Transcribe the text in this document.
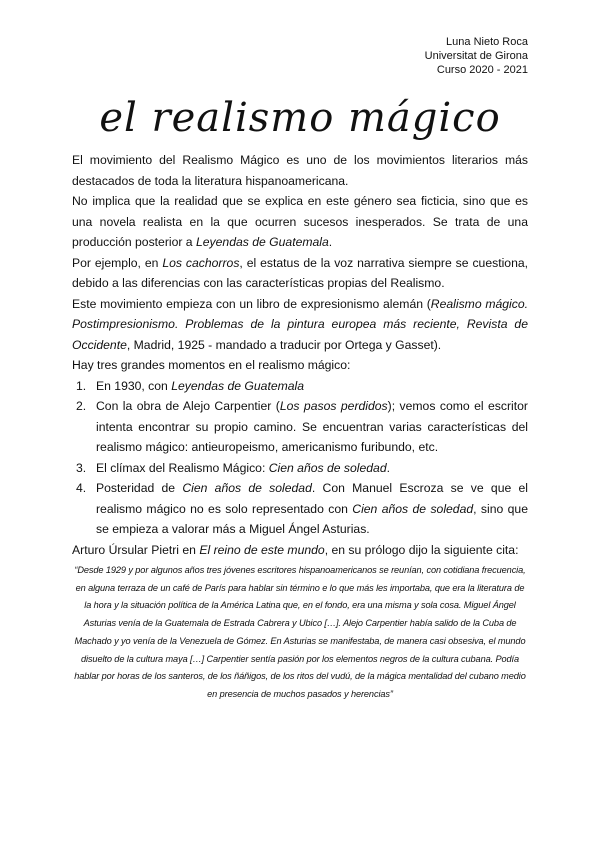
Luna Nieto Roca
Universitat de Girona
Curso 2020 - 2021
el realismo mágico

El movimiento del Realismo Mágico es uno de los movimientos literarios más destacados de toda la literatura hispanoamericana.

No implica que la realidad que se explica en este género sea ficticia, sino que es una novela realista en la que ocurren sucesos inesperados. Se trata de una producción posterior a Leyendas de Guatemala.

Por ejemplo, en Los cachorros, el estatus de la voz narrativa siempre se cuestiona, debido a las diferencias con las características propias del Realismo.

Este movimiento empieza con un libro de expresionismo alemán (Realismo mágico. Postimpresionismo. Problemas de la pintura europea más reciente, Revista de Occidente, Madrid, 1925 - mandado a traducir por Ortega y Gasset).

Hay tres grandes momentos en el realismo mágico:

1. En 1930, con Leyendas de Guatemala
2. Con la obra de Alejo Carpentier (Los pasos perdidos); vemos como el escritor intenta encontrar su propio camino. Se encuentran varias características del realismo mágico: antieuropeismo, americanismo furibundo, etc.
3. El clímax del Realismo Mágico: Cien años de soledad.
4. Posteridad de Cien años de soledad. Con Manuel Escroza se ve que el realismo mágico no es solo representado con Cien años de soledad, sino que se empieza a valorar más a Miguel Ángel Asturias.

Arturo Úrsular Pietri en El reino de este mundo, en su prólogo dijo la siguiente cita:

“Desde 1929 y por algunos años tres jóvenes escritores hispanoamericanos se reunían, con cotidiana frecuencia, en alguna terraza de un café de París para hablar sin término e lo que más les importaba, que era la literatura de la hora y la situación política de la América Latina que, en el fondo, era una misma y sola cosa. Miguel Ángel Asturias venía de la Guatemala de Estrada Cabrera y Ubico […]. Alejo Carpentier había salido de la Cuba de Machado y yo venía de la Venezuela de Gómez. En Asturias se manifestaba, de manera casi obsesiva, el mundo disuelto de la cultura maya […] Carpentier sentía pasión por los elementos negros de la cultura cubana. Podía hablar por horas de los santeros, de los ñáñigos, de los ritos del vudú, de la mágica mentalidad del cubano medio en presencia de muchos pasados y herencias”
